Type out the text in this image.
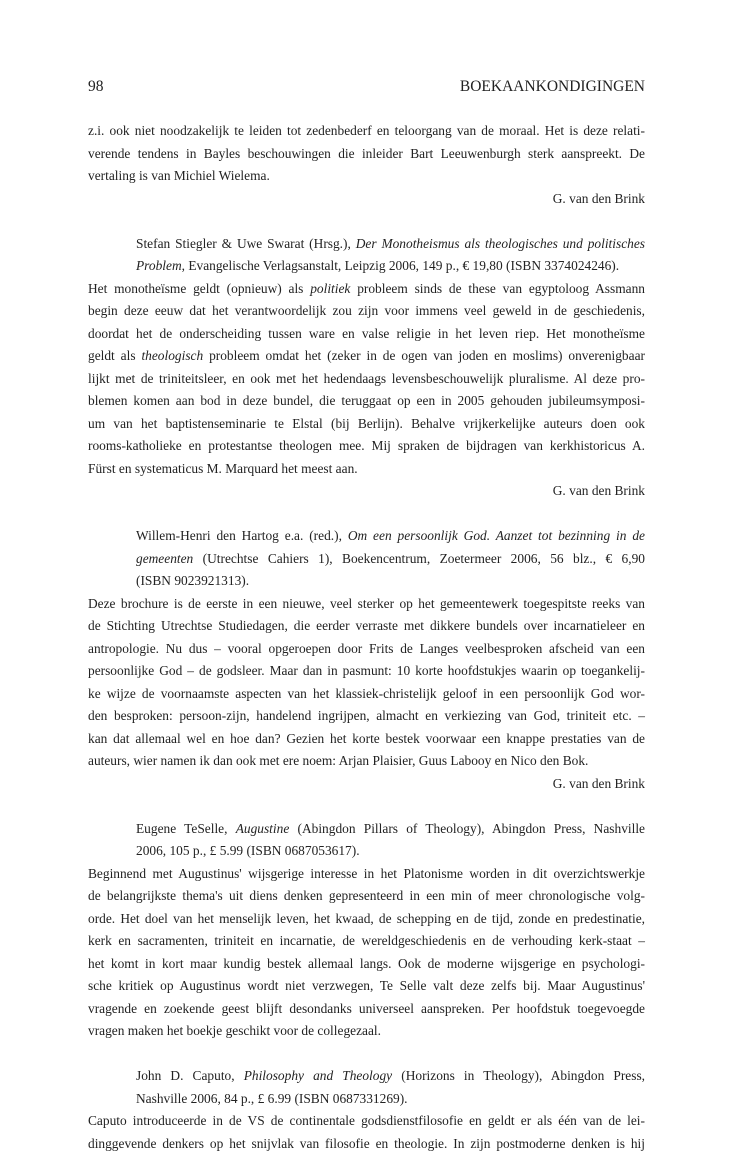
98	BOEKAANKONDIGINGEN

z.i. ook niet noodzakelijk te leiden tot zedenbederf en teloorgang van de moraal. Het is deze relati-

verende tendens in Bayles beschouwingen die inleider Bart Leeuwenburgh sterk aanspreekt. De

vertaling is van Michiel Wielema.

G. van den Brink

Stefan Stiegler & Uwe Swarat (Hrsg.), Der Monotheismus als theologisches und politisches

Problem, Evangelische Verlagsanstalt, Leipzig 2006, 149 p., € 19,80 (ISBN 3374024246).

Het monotheïsme geldt (opnieuw) als politiek probleem sinds de these van egyptoloog Assmann

begin deze eeuw dat het verantwoordelijk zou zijn voor immens veel geweld in de geschiedenis,

doordat het de onderscheiding tussen ware en valse religie in het leven riep. Het monotheïsme

geldt als theologisch probleem omdat het (zeker in de ogen van joden en moslims) onverenigbaar

lijkt met de triniteitsleer, en ook met het hedendaags levensbeschouwelijk pluralisme. Al deze pro-

blemen komen aan bod in deze bundel, die teruggaat op een in 2005 gehouden jubileumsymposi-

um van het baptistenseminarie te Elstal (bij Berlijn). Behalve vrijkerkelijke auteurs doen ook

rooms-katholieke en protestantse theologen mee. Mij spraken de bijdragen van kerkhistoricus A.

Fürst en systematicus M. Marquard het meest aan.

G. van den Brink

Willem-Henri den Hartog e.a. (red.), Om een persoonlijk God. Aanzet tot bezinning in de

gemeenten (Utrechtse Cahiers 1), Boekencentrum, Zoetermeer 2006, 56 blz., € 6,90

(ISBN 9023921313).

Deze brochure is de eerste in een nieuwe, veel sterker op het gemeentewerk toegespitste reeks van

de Stichting Utrechtse Studiedagen, die eerder verraste met dikkere bundels over incarnatieleer en

antropologie. Nu dus – vooral opgeroepen door Frits de Langes veelbesproken afscheid van een

persoonlijke God – de godsleer. Maar dan in pasmunt: 10 korte hoofdstukjes waarin op toegankelij-

ke wijze de voornaamste aspecten van het klassiek-christelijk geloof in een persoonlijk God wor-

den besproken: persoon-zijn, handelend ingrijpen, almacht en verkiezing van God, triniteit etc. –

kan dat allemaal wel en hoe dan? Gezien het korte bestek voorwaar een knappe prestaties van de

auteurs, wier namen ik dan ook met ere noem: Arjan Plaisier, Guus Labooy en Nico den Bok.

G. van den Brink

Eugene TeSelle, Augustine (Abingdon Pillars of Theology), Abingdon Press, Nashville

2006, 105 p., £ 5.99 (ISBN 0687053617).

Beginnend met Augustinus' wijsgerige interesse in het Platonisme worden in dit overzichtswerkje

de belangrijkste thema's uit diens denken gepresenteerd in een min of meer chronologische volg-

orde. Het doel van het menselijk leven, het kwaad, de schepping en de tijd, zonde en predestinatie,

kerk en sacramenten, triniteit en incarnatie, de wereldgeschiedenis en de verhouding kerk-staat –

het komt in kort maar kundig bestek allemaal langs. Ook de moderne wijsgerige en psychologi-

sche kritiek op Augustinus wordt niet verzwegen, Te Selle valt deze zelfs bij. Maar Augustinus'

vragende en zoekende geest blijft desondanks universeel aanspreken. Per hoofdstuk toegevoegde

vragen maken het boekje geschikt voor de collegezaal.

John D. Caputo, Philosophy and Theology (Horizons in Theology), Abingdon Press,

Nashville 2006, 84 p., £ 6.99 (ISBN 0687331269).

Caputo introduceerde in de VS de continentale godsdienstfilosofie en geldt er als één van de lei-

dinggevende denkers op het snijvlak van filosofie en theologie. In zijn postmoderne denken is hij
